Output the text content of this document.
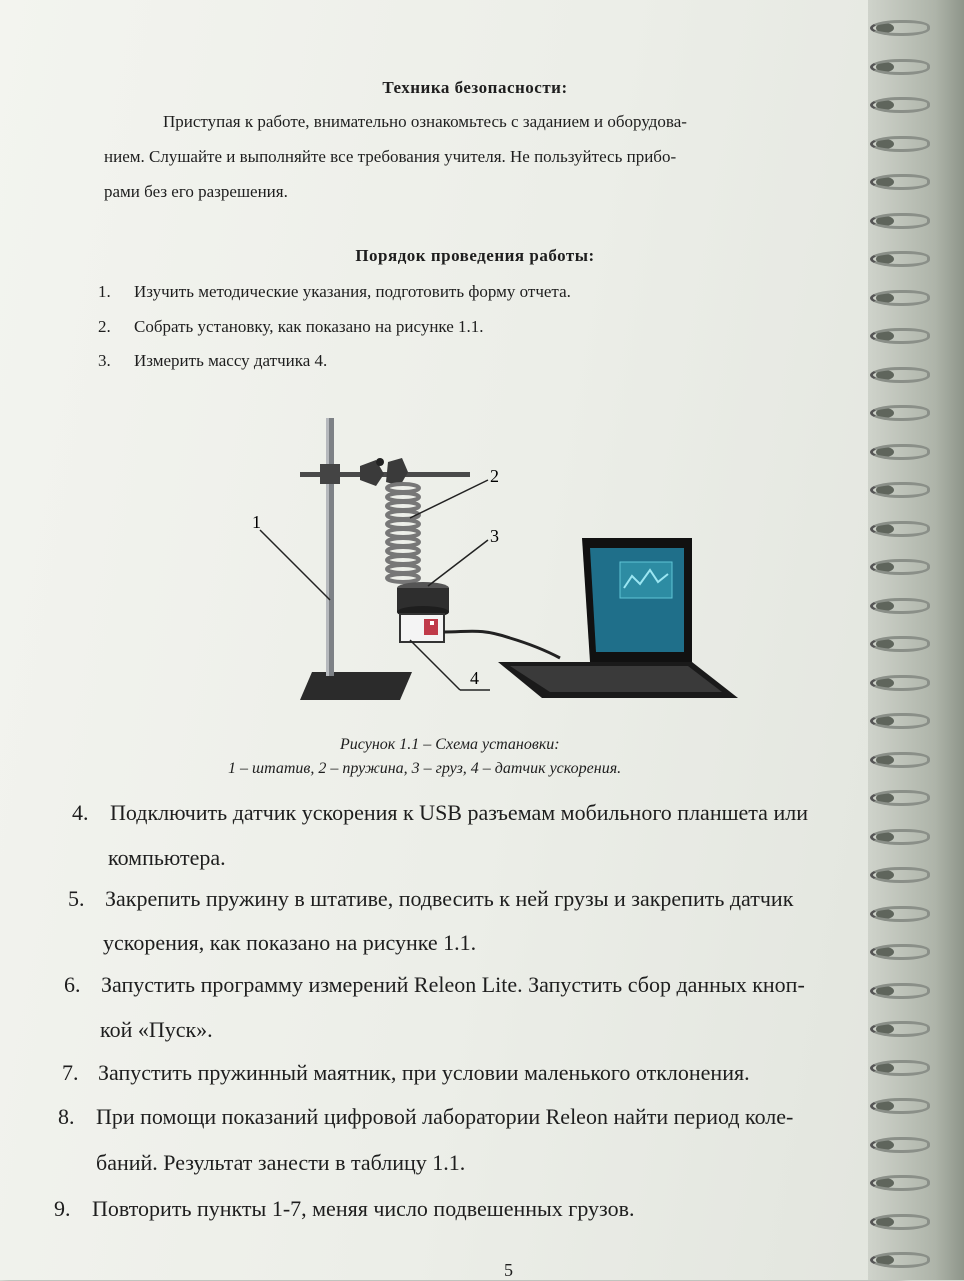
Техника безопасности:
Приступая к работе, внимательно ознакомьтесь с заданием и оборудова-
нием. Слушайте и выполняйте все требования учителя. Не пользуйтесь прибо-
рами без его разрешения.
Порядок проведения работы:
1. Изучить методические указания, подготовить форму отчета.
2. Собрать установку, как показано на рисунке 1.1.
3. Измерить массу датчика 4.
1
2
3
4
Рисунок 1.1 – Схема установки:
1 – штатив, 2 – пружина, 3 – груз, 4 – датчик ускорения.
4. Подключить датчик ускорения к USB разъемам мобильного планшета или
компьютера.
5. Закрепить пружину в штативе, подвесить к ней грузы и закрепить датчик
ускорения, как показано на рисунке 1.1.
6. Запустить программу измерений Releon Lite. Запустить сбор данных кноп-
кой «Пуск».
7. Запустить пружинный маятник, при условии маленького отклонения.
8. При помощи показаний цифровой лаборатории Releon найти период коле-
баний. Результат занести в таблицу 1.1.
9. Повторить пункты 1-7, меняя число подвешенных грузов.
5
